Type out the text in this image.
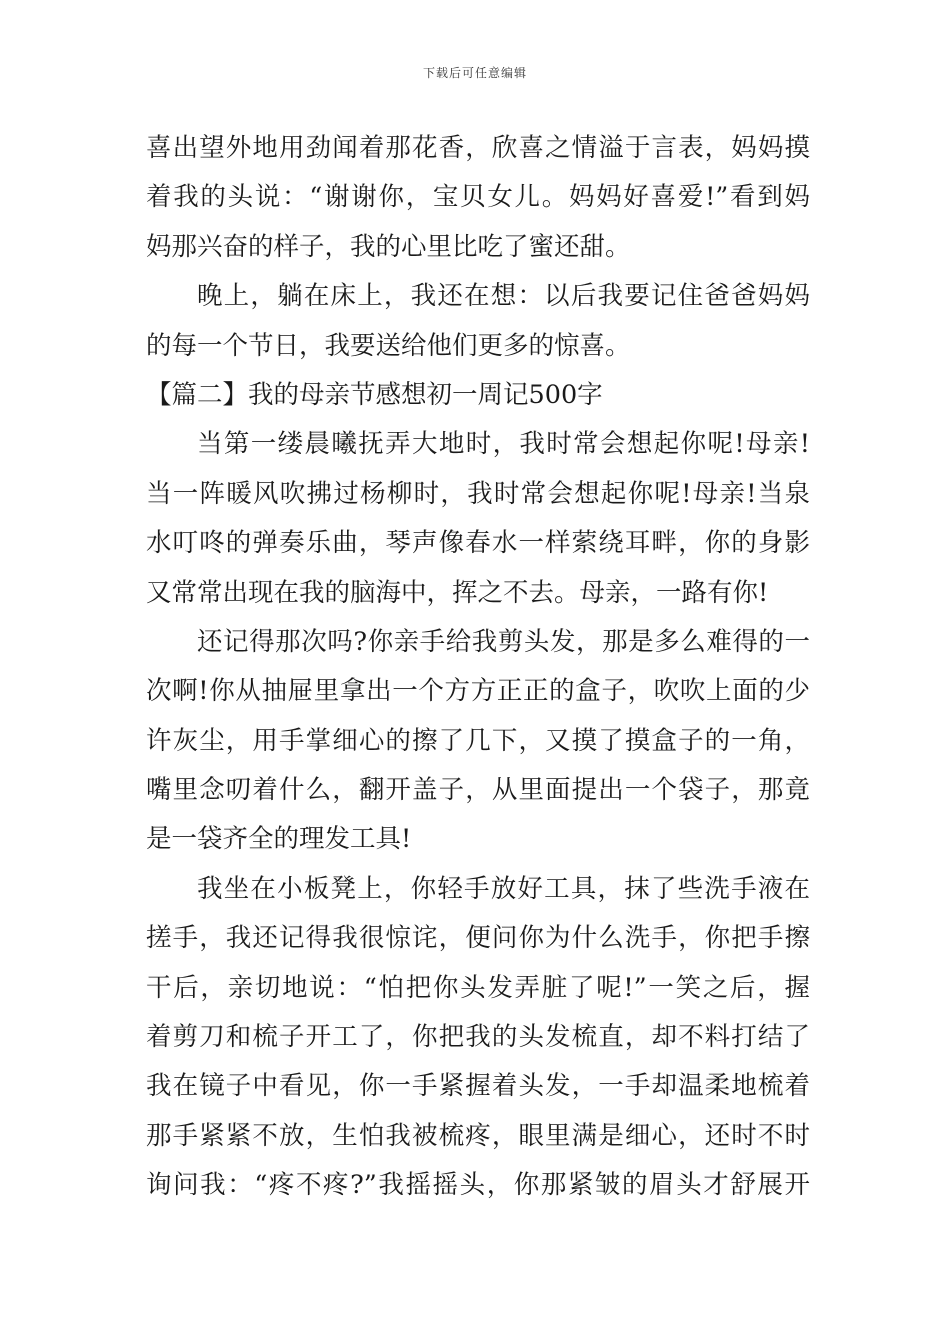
下载后可任意编辑
喜出望外地用劲闻着那花香，欣喜之情溢于言表，妈妈摸
着我的头说：“谢谢你，宝贝女儿。妈妈好喜爱!”看到妈
妈那兴奋的样子，我的心里比吃了蜜还甜。
晚上，躺在床上，我还在想：以后我要记住爸爸妈妈
的每一个节日，我要送给他们更多的惊喜。
【篇二】我的母亲节感想初一周记500字
当第一缕晨曦抚弄大地时，我时常会想起你呢!母亲!
当一阵暖风吹拂过杨柳时，我时常会想起你呢!母亲!当泉
水叮咚的弹奏乐曲，琴声像春水一样萦绕耳畔，你的身影
又常常出现在我的脑海中，挥之不去。母亲，一路有你!
还记得那次吗?你亲手给我剪头发，那是多么难得的一
次啊!你从抽屉里拿出一个方方正正的盒子，吹吹上面的少
许灰尘，用手掌细心的擦了几下，又摸了摸盒子的一角，
嘴里念叨着什么，翻开盖子，从里面提出一个袋子，那竟
是一袋齐全的理发工具!
我坐在小板凳上，你轻手放好工具，抹了些洗手液在
搓手，我还记得我很惊诧，便问你为什么洗手，你把手擦
干后，亲切地说：“怕把你头发弄脏了呢!”一笑之后，握
着剪刀和梳子开工了，你把我的头发梳直，却不料打结了
我在镜子中看见，你一手紧握着头发，一手却温柔地梳着
那手紧紧不放，生怕我被梳疼，眼里满是细心，还时不时
询问我：“疼不疼?”我摇摇头，你那紧皱的眉头才舒展开
